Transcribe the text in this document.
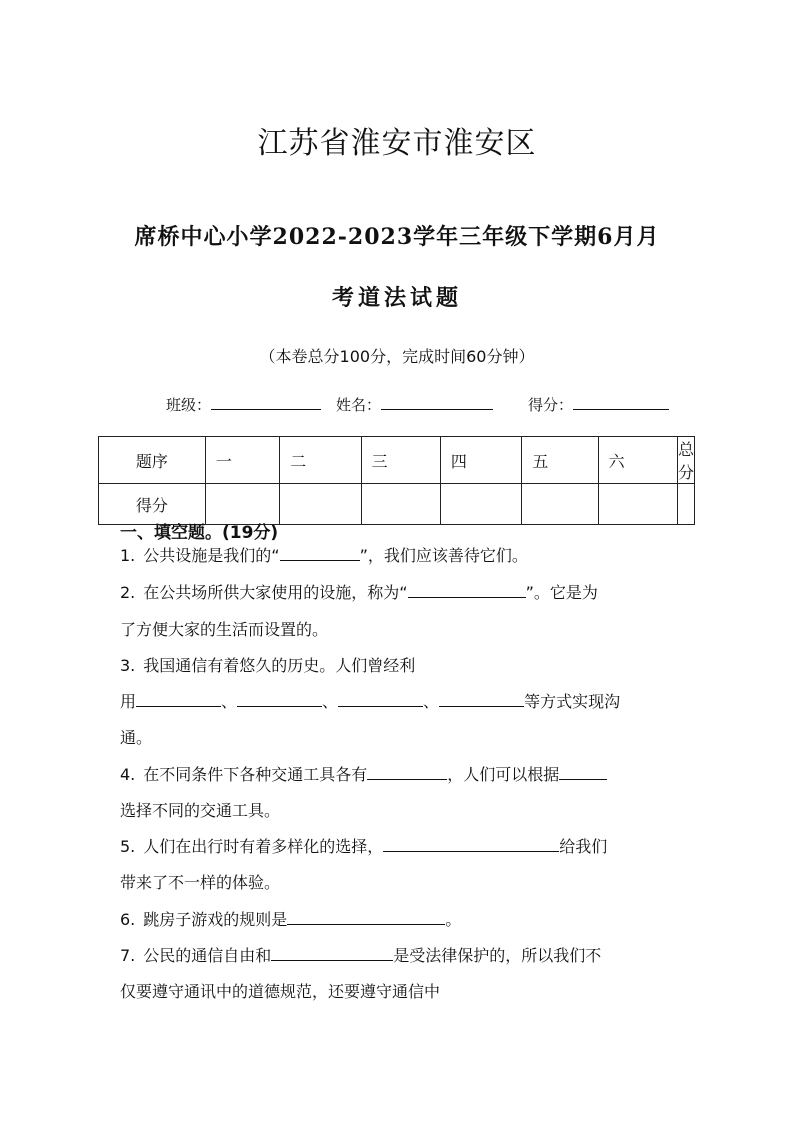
江苏省淮安市淮安区
席桥中心小学2022-2023学年三年级下学期6月月
考道法试题
（本卷总分100分，完成时间60分钟）
班级：	姓名：	得分：
题序	一	二	三	四	五	六	总分
得分							
一、填空题。(19分)
1. 公共设施是我们的“	”，我们应该善待它们。
2. 在公共场所供大家使用的设施，称为“	”。它是为
了方便大家的生活而设置的。
3. 我国通信有着悠久的历史。人们曾经利
用	、	、	、	等方式实现沟
通。
4. 在不同条件下各种交通工具各有	，人们可以根据
选择不同的交通工具。
5. 人们在出行时有着多样化的选择，	给我们
带来了不一样的体验。
6. 跳房子游戏的规则是	。
7. 公民的通信自由和	是受法律保护的，所以我们不
仅要遵守通讯中的道德规范，还要遵守通信中
